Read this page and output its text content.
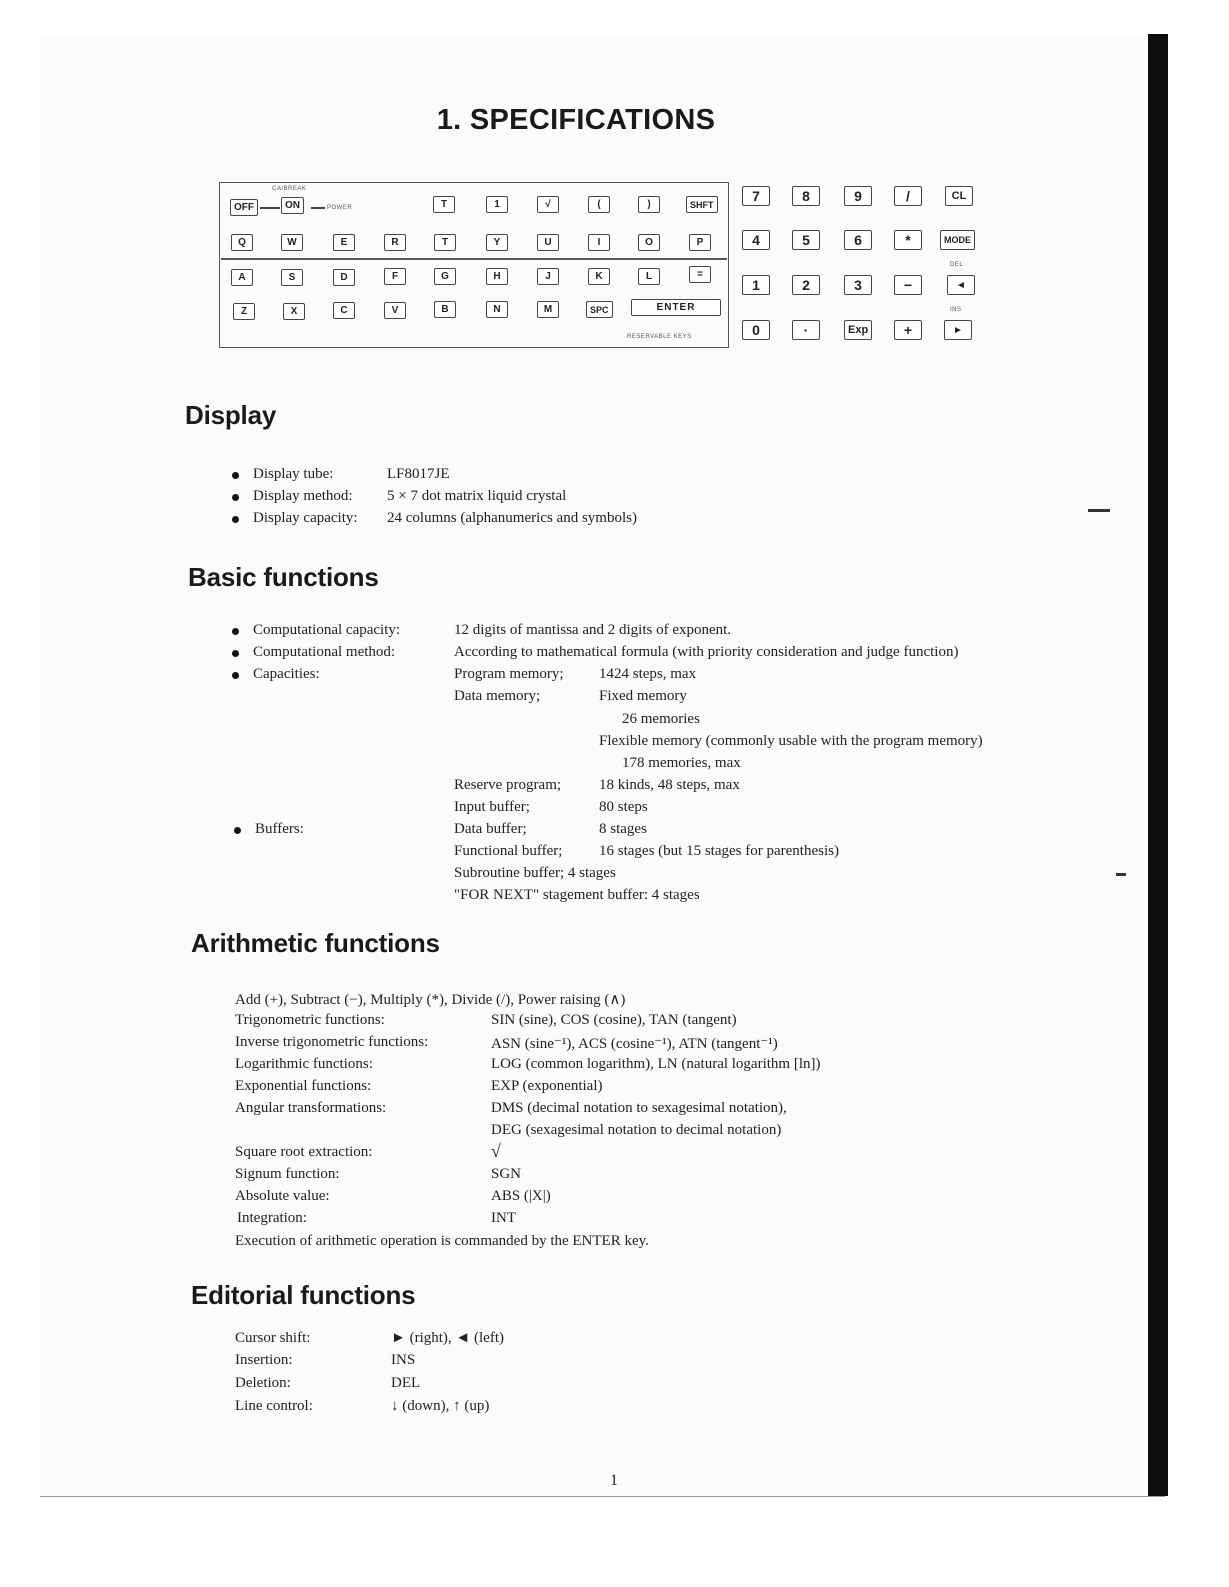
1. SPECIFICATIONS
CA/BREAK
POWER
RESERVABLE KEYS
DEL
INS
OFF	ON	T	1	√	(	)	SHFT
Q	W	E	R	T	Y	U	I	O	P
A	S	D	F	G	H	J	K	L	=
Z	X	C	V	B	N	M	SPC	ENTER
7	8	9	/	CL
4	5	6	*	MODE
1	2	3	−	◄
0	·	Exp	+	►
Display
Display tube:	LF8017JE
Display method: 5 × 7 dot matrix liquid crystal
Display capacity: 24 columns (alphanumerics and symbols)
Basic functions
Computational capacity:	12 digits of mantissa and 2 digits of exponent.
Computational method:	According to mathematical formula (with priority consideration and judge function)
Capacities:	Program memory; 1424 steps, max
Data memory;	Fixed memory
26 memories
Flexible memory (commonly usable with the program memory)
178 memories, max
Reserve program;	18 kinds, 48 steps, max
Input buffer;	80 steps
Buffers:	Data buffer;	8 stages
Functional buffer; 16 stages (but 15 stages for parenthesis)
Subroutine buffer; 4 stages
"FOR NEXT" stagement buffer: 4 stages
Arithmetic functions
Add (+), Subtract (−), Multiply (*), Divide (/), Power raising (∧)
Trigonometric functions:	SIN (sine), COS (cosine), TAN (tangent)
Inverse trigonometric functions:	ASN (sine⁻¹), ACS (cosine⁻¹), ATN (tangent⁻¹)
Logarithmic functions:	LOG (common logarithm), LN (natural logarithm [ln])
Exponential functions:	EXP (exponential)
Angular transformations:	DMS (decimal notation to sexagesimal notation),
DEG (sexagesimal notation to decimal notation)
Square root extraction:	√
Signum function:	SGN
Absolute value:	ABS (|X|)
Integration:	INT
Execution of arithmetic operation is commanded by the ENTER key.
Editorial functions
Cursor shift:	► (right), ◄ (left)
Insertion:	INS
Deletion:	DEL
Line control:	↓ (down), ↑ (up)
1
